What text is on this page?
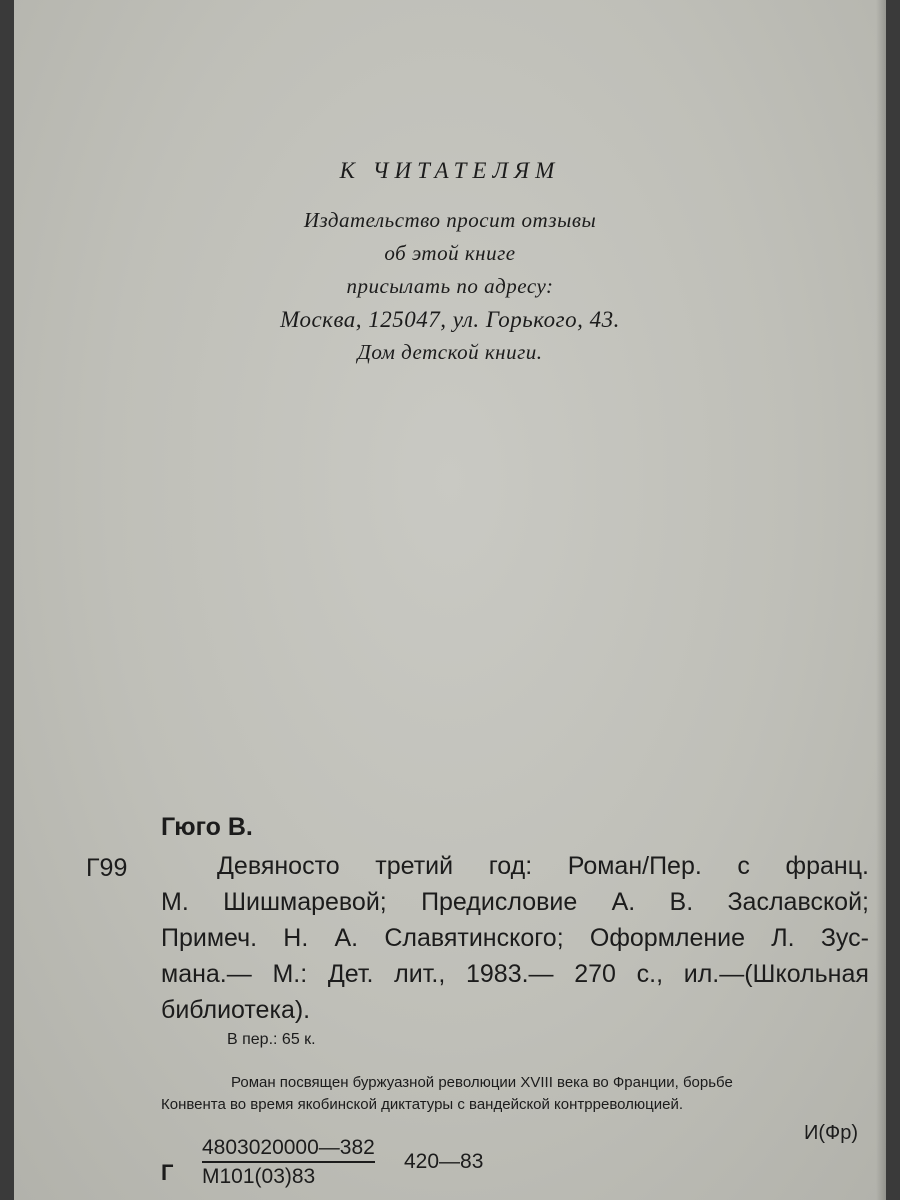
К ЧИТАТЕЛЯМ
Издательство просит отзывы
об этой книге
присылать по адресу:
Москва, 125047, ул. Горького, 43.
Дом детской книги.
Гюго В.
Г99	Девяносто третий год: Роман/Пер. с франц.
М. Шишмаревой; Предисловие А. В. Заславской;
Примеч. Н. А. Славятинского; Оформление Л. Зус-
мана.— М.: Дет. лит., 1983.— 270 с., ил.—(Школьная
библиотека).
В пер.: 65 к.
Роман посвящен буржуазной революции XVIII века во Франции, борьбе
Конвента во время якобинской диктатуры с вандейской контрреволюцией.
И(Фр)
Г
4803020000—382
М101(03)83
420—83
